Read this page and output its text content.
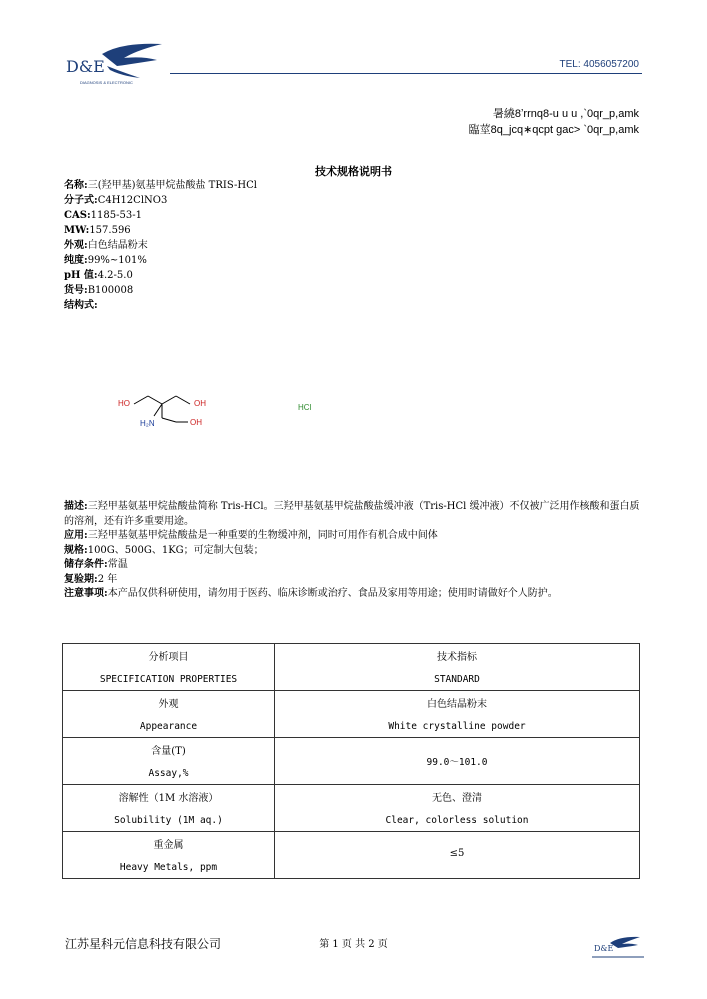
D&E
DIAGNOSIS & ELECTRONIC
TEL: 4056057200
暑繞8ʼrrnq8-u u u ,`0qr_p,amk
臨莖8q_jcq∗qcpt gac> `0qr_p,amk
技术规格说明书
名称:三(羟甲基)氨基甲烷盐酸盐 TRIS-HCl
分子式:C4H12ClNO3
CAS:1185-53-1
MW:157.596
外观:白色结晶粉末
纯度:99%~101%
pH 值:4.2-5.0
货号:B100008
结构式:
HO	OH
OH
H₂N
HCl

描述:三羟甲基氨基甲烷盐酸盐简称 Tris-HCl。三羟甲基氨基甲烷盐酸盐缓冲液（Tris-HCl 缓冲液）不仅被广泛用作核酸和蛋白质的溶剂，还有许多重要用途。

应用:三羟甲基氨基甲烷盐酸盐是一种重要的生物缓冲剂，同时可用作有机合成中间体

规格:100G、500G、1KG；可定制大包装；

储存条件:常温

复验期:2 年

注意事项:本产品仅供科研使用，请勿用于医药、临床诊断或治疗、食品及家用等用途；使用时请做好个人防护。

分析项目
SPECIFICATION PROPERTIES	技术指标
STANDARD

外观
Appearance	白色结晶粉末
White crystalline powder

含量(T)
Assay,%	99.0～101.0

溶解性（1M 水溶液）
Solubility (1M aq.)	无色、澄清
Clear, colorless solution

重金属
Heavy Metals, ppm	≤5
江苏星科元信息科技有限公司	第 1 页 共 2 页	D&E
